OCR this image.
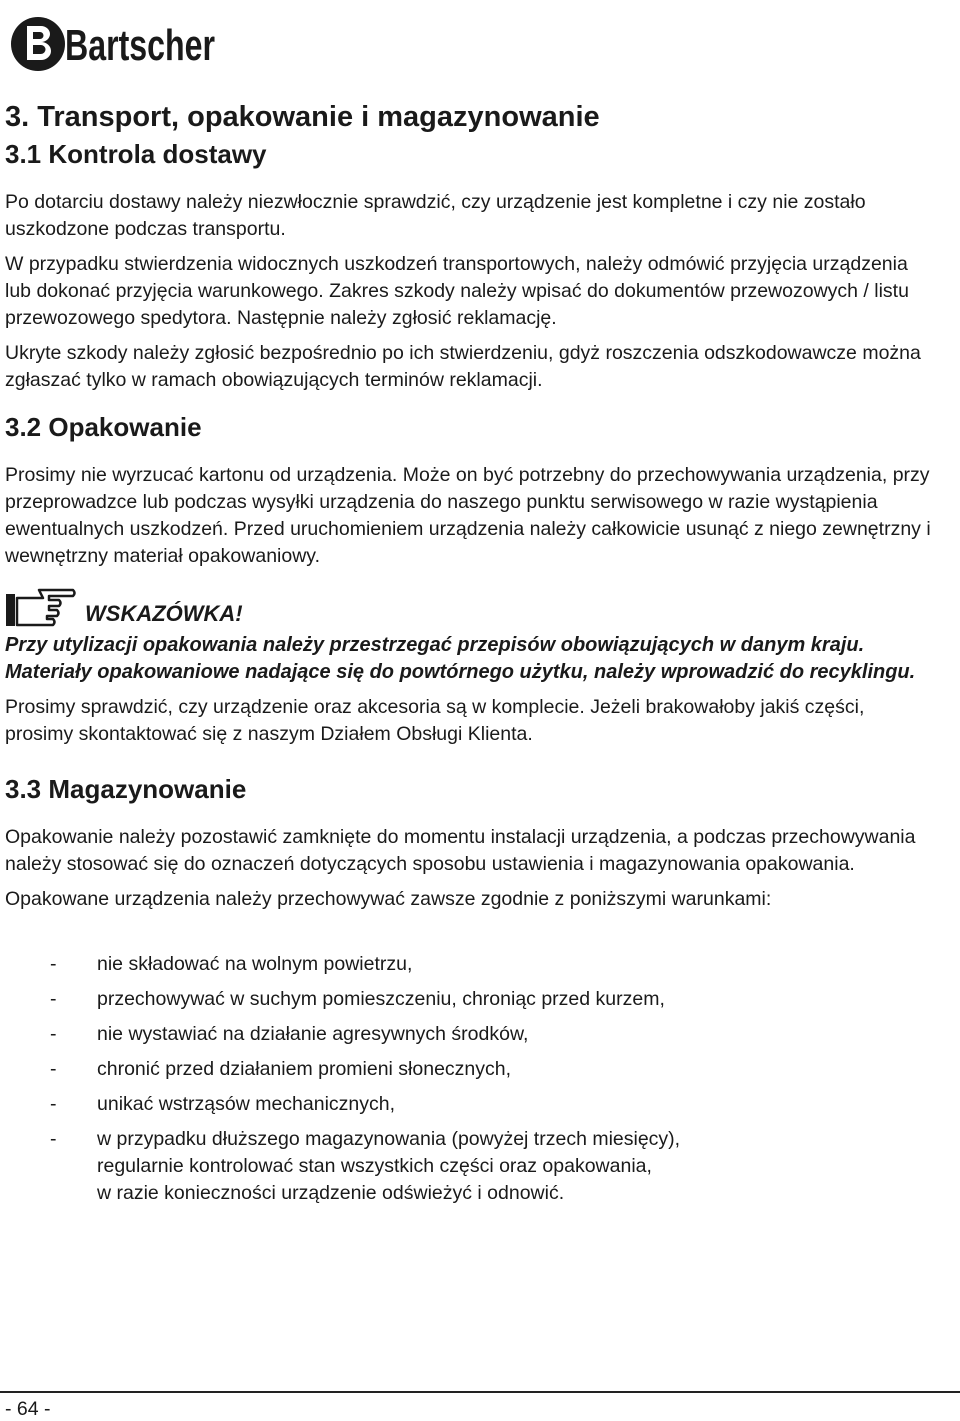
Bartscher
3. Transport, opakowanie i magazynowanie
3.1 Kontrola dostawy

Po dotarciu dostawy należy niezwłocznie sprawdzić, czy urządzenie jest kompletne i czy nie zostało uszkodzone podczas transportu.

W przypadku stwierdzenia widocznych uszkodzeń transportowych, należy odmówić przyjęcia urządzenia lub dokonać przyjęcia warunkowego. Zakres szkody należy wpisać do dokumentów przewozowych / listu przewozowego spedytora. Następnie należy zgłosić reklamację.

Ukryte szkody należy zgłosić bezpośrednio po ich stwierdzeniu, gdyż roszczenia odszkodowawcze można zgłaszać tylko w ramach obowiązujących terminów reklamacji.

3.2 Opakowanie

Prosimy nie wyrzucać kartonu od urządzenia. Może on być potrzebny do przechowywania urządzenia, przy przeprowadzce lub podczas wysyłki urządzenia do naszego punktu serwisowego w razie wystąpienia ewentualnych uszkodzeń. Przed uruchomieniem urządzenia należy całkowicie usunąć z niego zewnętrzny i wewnętrzny materiał opakowaniowy.

WSKAZÓWKA!

Przy utylizacji opakowania należy przestrzegać przepisów obowiązujących w danym kraju. Materiały opakowaniowe nadające się do powtórnego użytku, należy wprowadzić do recyklingu.

Prosimy sprawdzić, czy urządzenie oraz akcesoria są w komplecie. Jeżeli brakowałoby jakiś części, prosimy skontaktować się z naszym Działem Obsługi Klienta.

3.3 Magazynowanie

Opakowanie należy pozostawić zamknięte do momentu instalacji urządzenia, a podczas przechowywania należy stosować się do oznaczeń dotyczących sposobu ustawienia i magazynowania opakowania.

Opakowane urządzenia należy przechowywać zawsze zgodnie z poniższymi warunkami:

- nie składować na wolnym powietrzu,
- przechowywać w suchym pomieszczeniu, chroniąc przed kurzem,
- nie wystawiać na działanie agresywnych środków,
- chronić przed działaniem promieni słonecznych,
- unikać wstrząsów mechanicznych,
- w przypadku dłuższego magazynowania (powyżej trzech miesięcy),
regularnie kontrolować stan wszystkich części oraz opakowania,
w razie konieczności urządzenie odświeżyć i odnowić.
- 64 -
